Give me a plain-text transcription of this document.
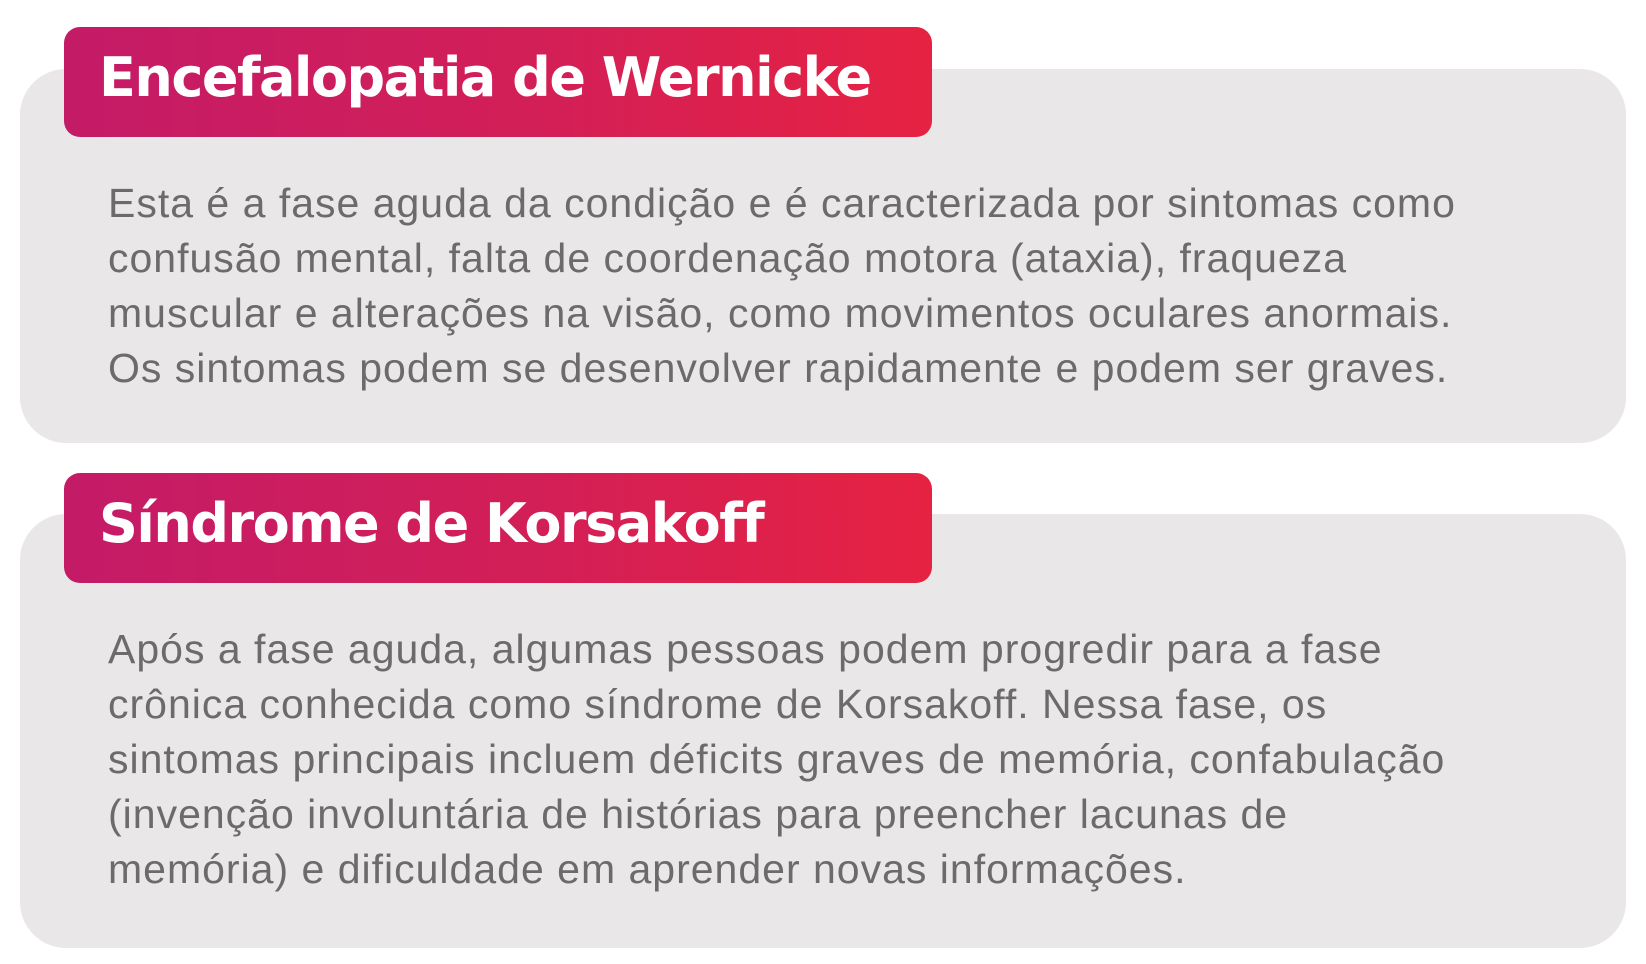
Encefalopatia de Wernicke

Esta é a fase aguda da condição e é caracterizada por sintomas como
confusão mental, falta de coordenação motora (ataxia), fraqueza
muscular e alterações na visão, como movimentos oculares anormais.
Os sintomas podem se desenvolver rapidamente e podem ser graves.

Síndrome de Korsakoff

Após a fase aguda, algumas pessoas podem progredir para a fase
crônica conhecida como síndrome de Korsakoff. Nessa fase, os
sintomas principais incluem déficits graves de memória, confabulação
(invenção involuntária de histórias para preencher lacunas de
memória) e dificuldade em aprender novas informações.
